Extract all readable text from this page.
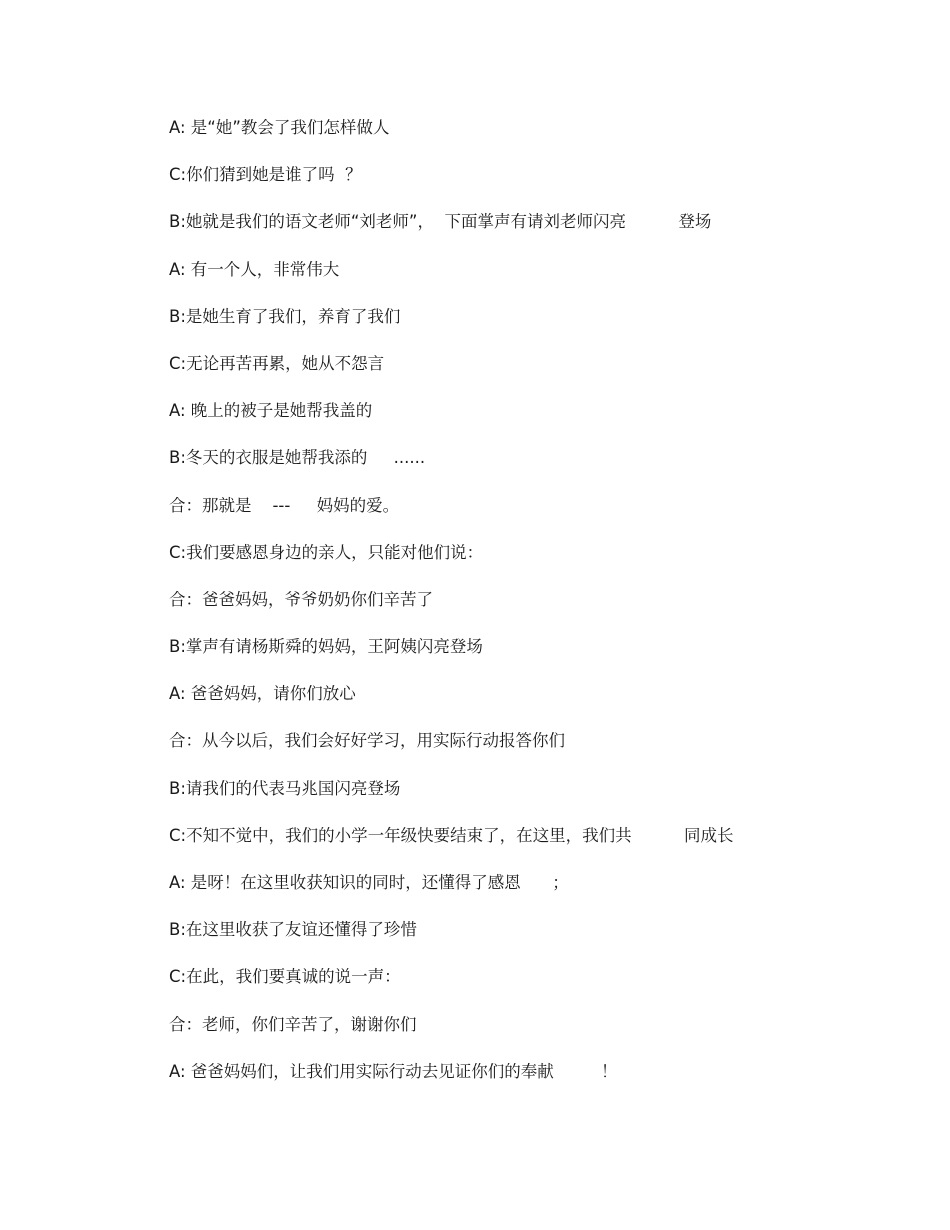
A: 是“她”教会了我们怎样做人
C:你们猜到她是谁了吗  ？
B:她就是我们的语文老师“刘老师”，  下面掌声有请刘老师闪亮          登场
A: 有一个人，非常伟大
B:是她生育了我们，养育了我们
C:无论再苦再累，她从不怨言
A: 晚上的被子是她帮我盖的
B:冬天的衣服是她帮我添的     ......
合：那就是    ---     妈妈的爱。
C:我们要感恩身边的亲人，只能对他们说：
合：爸爸妈妈，爷爷奶奶你们辛苦了
B:掌声有请杨斯舜的妈妈，王阿姨闪亮登场
A: 爸爸妈妈，请你们放心
合：从今以后，我们会好好学习，用实际行动报答你们
B:请我们的代表马兆国闪亮登场
C:不知不觉中，我们的小学一年级快要结束了，在这里，我们共          同成长
A: 是呀！在这里收获知识的同时，还懂得了感恩      ；
B:在这里收获了友谊还懂得了珍惜
C:在此，我们要真诚的说一声：
合：老师，你们辛苦了，谢谢你们
A: 爸爸妈妈们，让我们用实际行动去见证你们的奉献         ！
